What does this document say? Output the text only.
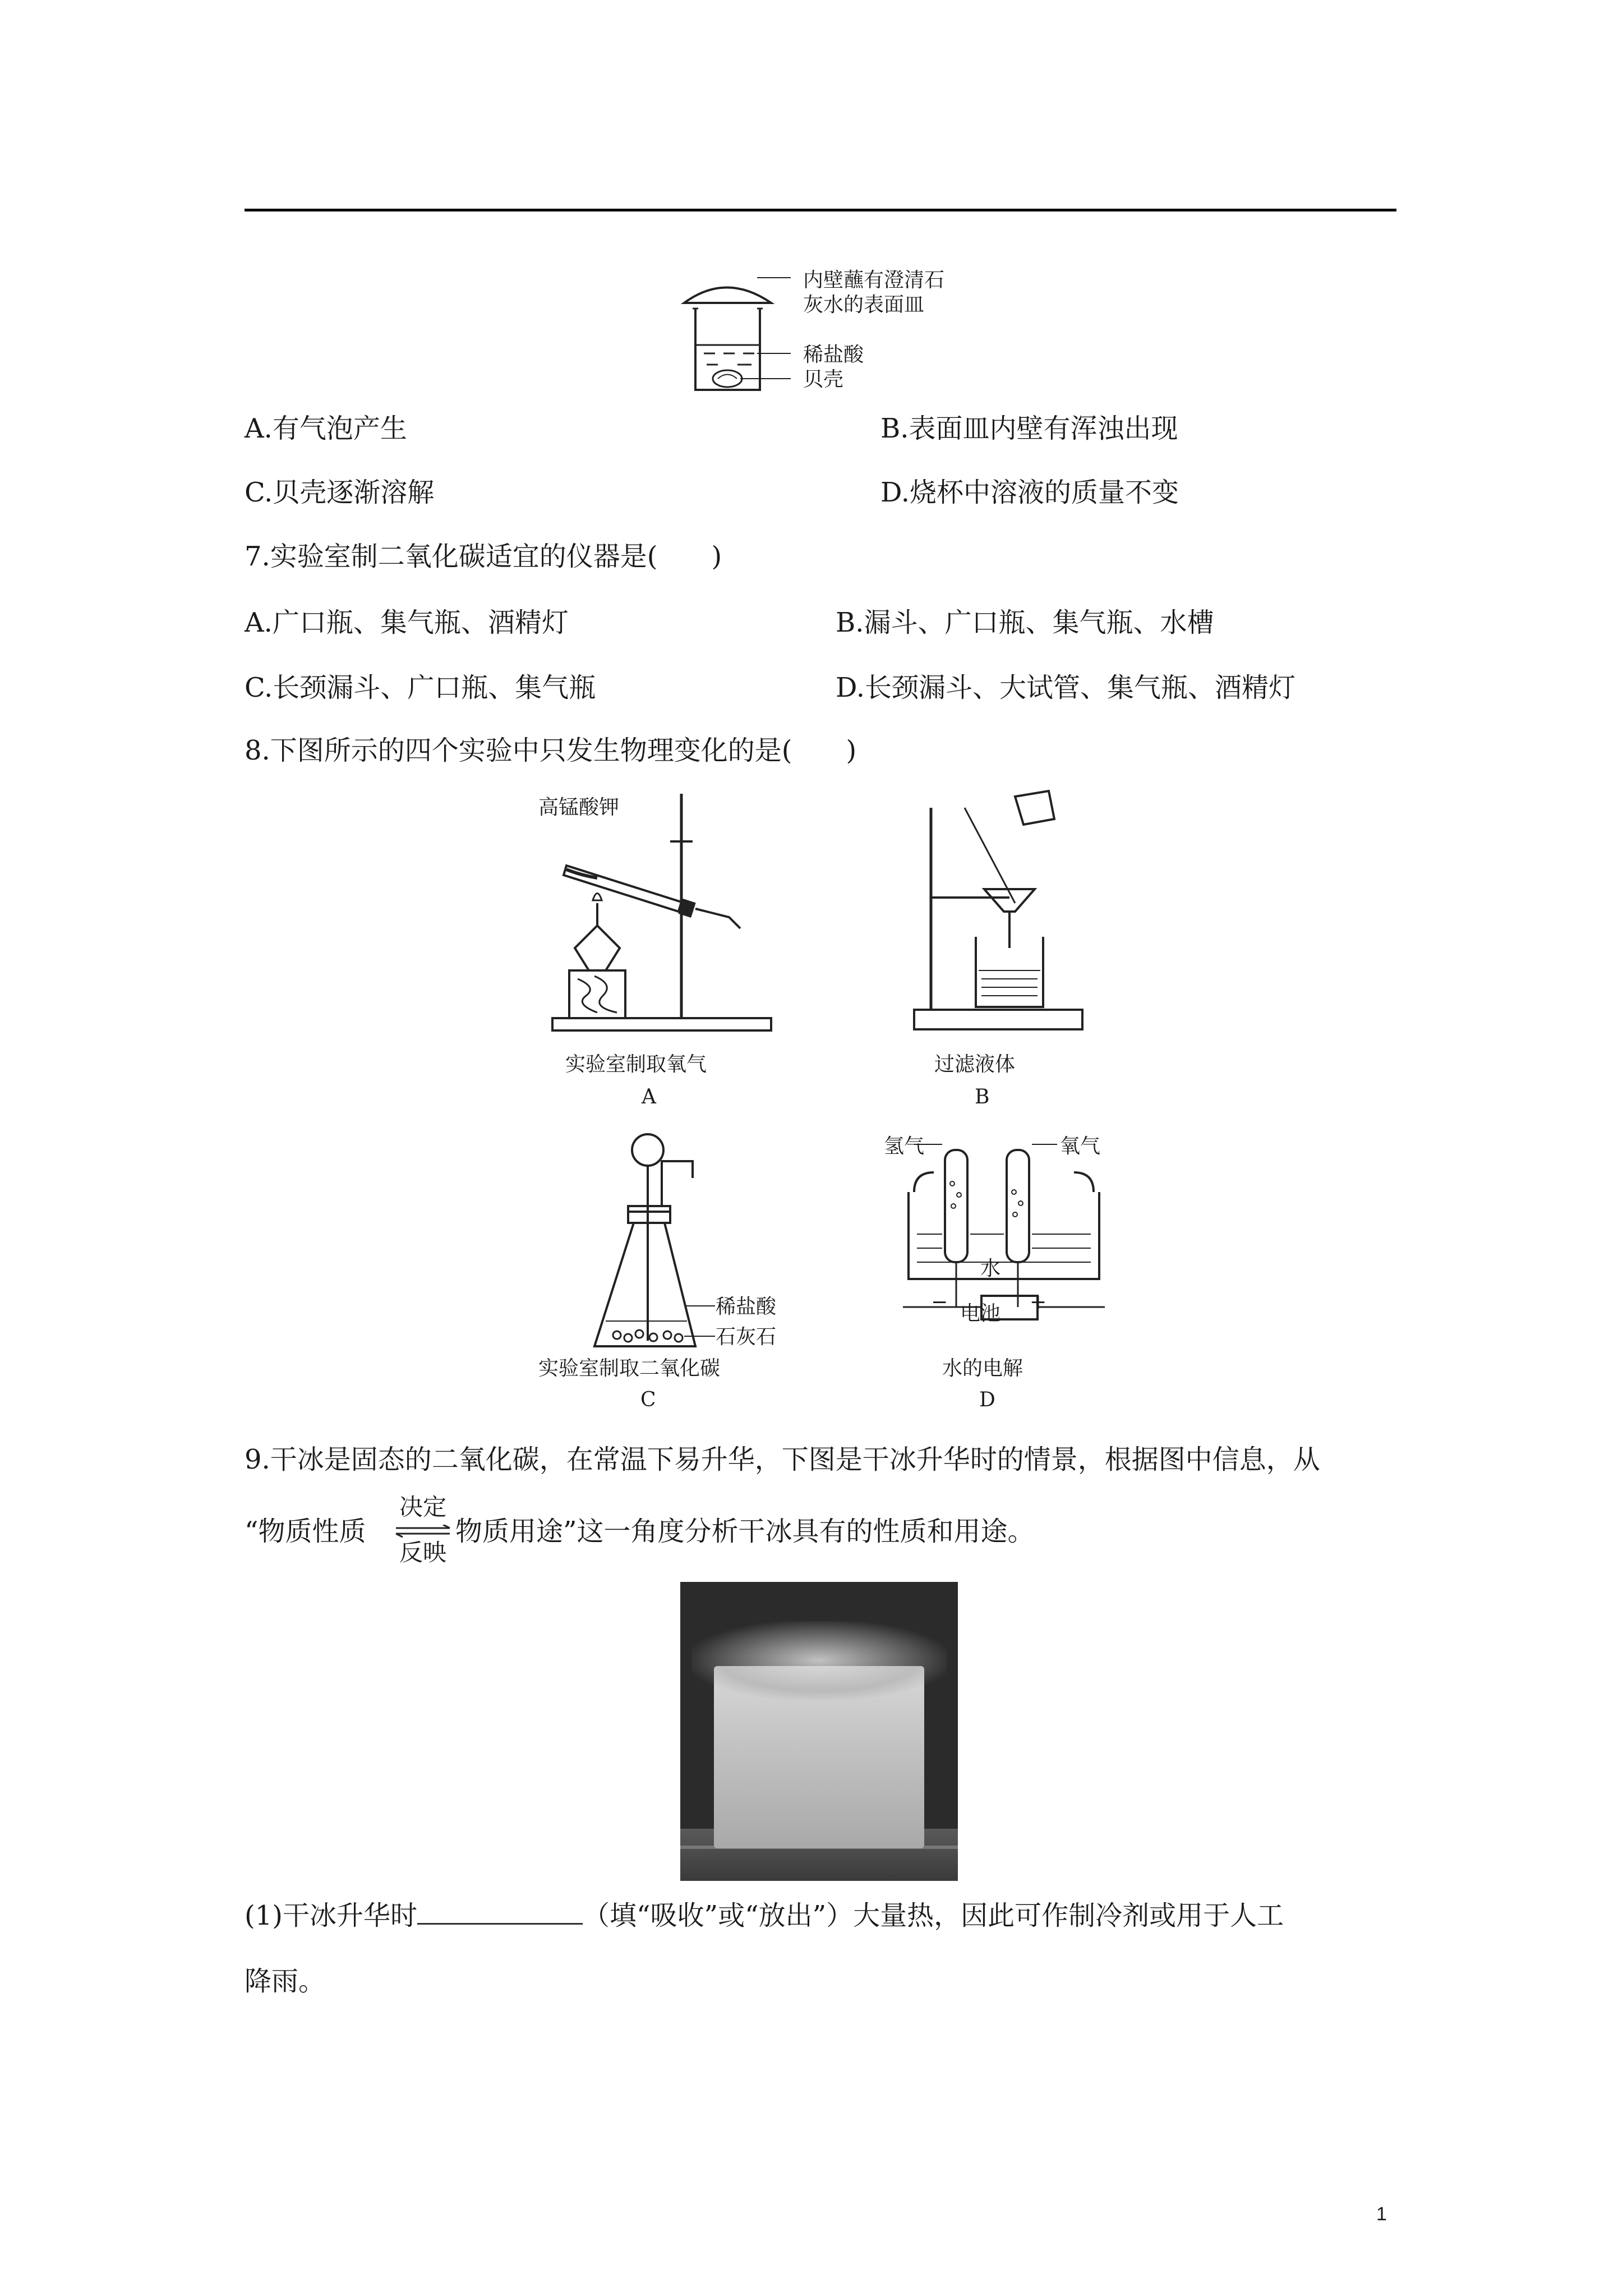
内壁蘸有澄清石
灰水的表面皿
稀盐酸
贝壳
A.有气泡产生	B.表面皿内壁有浑浊出现
C.贝壳逐渐溶解	D.烧杯中溶液的质量不变
7.实验室制二氧化碳适宜的仪器是(　　)
A.广口瓶、集气瓶、酒精灯	B.漏斗、广口瓶、集气瓶、水槽
C.长颈漏斗、广口瓶、集气瓶	D.长颈漏斗、大试管、集气瓶、酒精灯
8.下图所示的四个实验中只发生物理变化的是(　　)
高锰酸钾
实验室制取氧气
A
过滤液体
B
稀盐酸
石灰石
实验室制取二氧化碳
C
氢气	氧气
水
电池
−	+
水的电解
D
9.干冰是固态的二氧化碳，在常温下易升华，下图是干冰升华时的情景，根据图中信息，从
“物质性质
决定
反映
物质用途”这一角度分析干冰具有的性质和用途。
(1)干冰升华时	（填“吸收”或“放出”）大量热，因此可作制冷剂或用于人工
降雨。
1
